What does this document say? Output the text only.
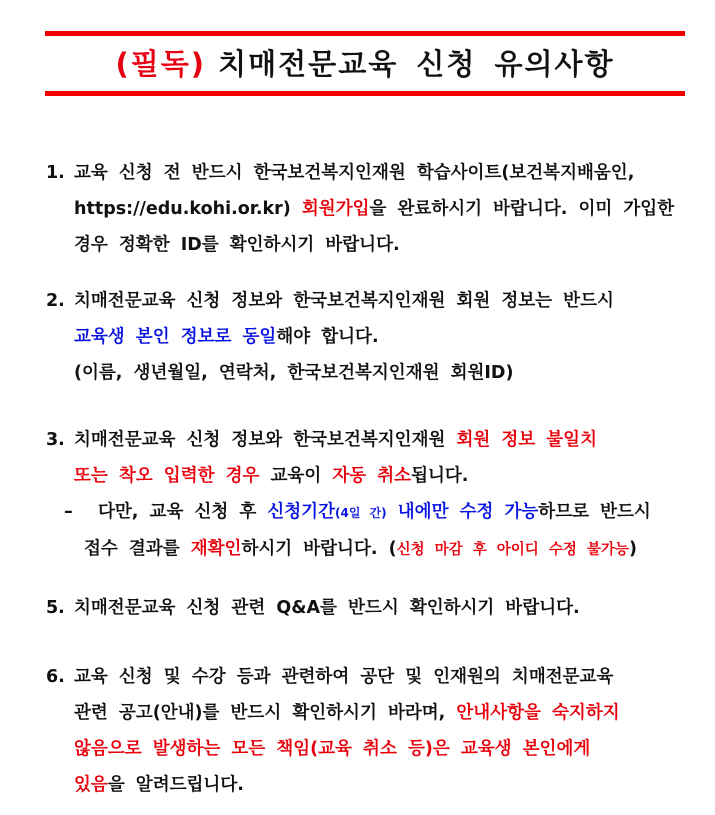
(필독) 치매전문교육 신청 유의사항
1. 교육 신청 전 반드시 한국보건복지인재원 학습사이트(보건복지배움인,
https://edu.kohi.or.kr) 회원가입을 완료하시기 바랍니다. 이미 가입한
경우 정확한 ID를 확인하시기 바랍니다.
2. 치매전문교육 신청 정보와 한국보건복지인재원 회원 정보는 반드시
교육생 본인 정보로 동일해야 합니다.
(이름, 생년월일, 연락처, 한국보건복지인재원 회원ID)
3. 치매전문교육 신청 정보와 한국보건복지인재원 회원 정보 불일치
또는 착오 입력한 경우 교육이 자동 취소됩니다.
– 다만, 교육 신청 후 신청기간(4일 간) 내에만 수정 가능하므로 반드시
접수 결과를 재확인하시기 바랍니다. (신청 마감 후 아이디 수정 불가능)
5. 치매전문교육 신청 관련 Q&A를 반드시 확인하시기 바랍니다.
6. 교육 신청 및 수강 등과 관련하여 공단 및 인재원의 치매전문교육
관련 공고(안내)를 반드시 확인하시기 바라며, 안내사항을 숙지하지
않음으로 발생하는 모든 책임(교육 취소 등)은 교육생 본인에게
있음을 알려드립니다.
